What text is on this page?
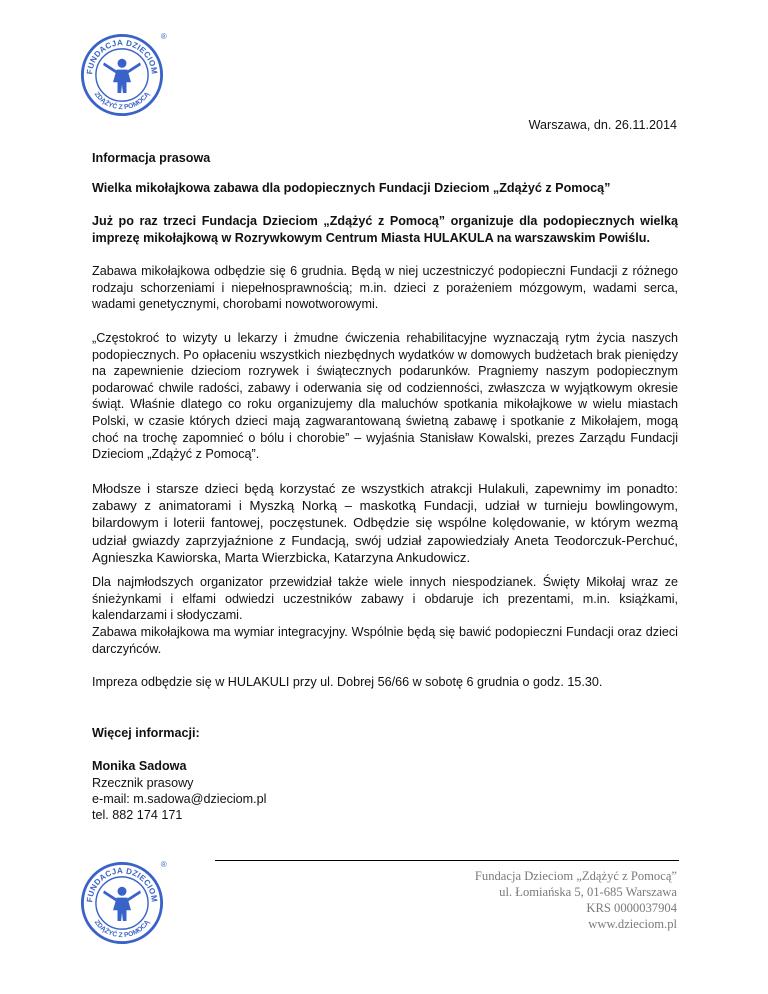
FUNDACJA DZIECIOM
ZDĄŻYĆ Z POMOCĄ
®
Warszawa, dn. 26.11.2014

Informacja prasowa

Wielka mikołajkowa zabawa dla podopiecznych Fundacji Dzieciom „Zdążyć z Pomocą”

Już po raz trzeci Fundacja Dzieciom „Zdążyć z Pomocą” organizuje dla podopiecznych wielką imprezę mikołajkową w Rozrywkowym Centrum Miasta HULAKULA na warszawskim Powiślu.

Zabawa mikołajkowa odbędzie się 6 grudnia. Będą w niej uczestniczyć podopieczni Fundacji z różnego rodzaju schorzeniami i niepełnosprawnością; m.in. dzieci z porażeniem mózgowym, wadami serca, wadami genetycznymi, chorobami nowotworowymi.

„Częstokroć to wizyty u lekarzy i żmudne ćwiczenia rehabilitacyjne wyznaczają rytm życia naszych podopiecznych. Po opłaceniu wszystkich niezbędnych wydatków w domowych budżetach brak pieniędzy na zapewnienie dzieciom rozrywek i świątecznych podarunków. Pragniemy naszym podopiecznym podarować chwile radości, zabawy i oderwania się od codzienności, zwłaszcza w wyjątkowym okresie świąt. Właśnie dlatego co roku organizujemy dla maluchów spotkania mikołajkowe w wielu miastach Polski, w czasie których dzieci mają zagwarantowaną świetną zabawę i spotkanie z Mikołajem, mogą choć na trochę zapomnieć o bólu i chorobie” – wyjaśnia Stanisław Kowalski, prezes Zarządu Fundacji Dzieciom „Zdążyć z Pomocą”.

Młodsze i starsze dzieci będą korzystać ze wszystkich atrakcji Hulakuli, zapewnimy im ponadto: zabawy z animatorami i Myszką Norką – maskotką Fundacji, udział w turnieju bowlingowym, bilardowym i loterii fantowej, poczęstunek. Odbędzie się wspólne kolędowanie, w którym wezmą udział gwiazdy zaprzyjaźnione z Fundacją, swój udział zapowiedziały Aneta Teodorczuk-Perchuć, Agnieszka Kawiorska, Marta Wierzbicka, Katarzyna Ankudowicz.

Dla najmłodszych organizator przewidział także wiele innych niespodzianek. Święty Mikołaj wraz ze śnieżynkami i elfami odwiedzi uczestników zabawy i obdaruje ich prezentami, m.in. książkami, kalendarzami i słodyczami.

Zabawa mikołajkowa ma wymiar integracyjny. Wspólnie będą się bawić podopieczni Fundacji oraz dzieci darczyńców.

Impreza odbędzie się w HULAKULI przy ul. Dobrej 56/66 w sobotę 6 grudnia o godz. 15.30.

Więcej informacji:

Monika Sadowa

Rzecznik prasowy

e-mail: m.sadowa@dzieciom.pl

tel. 882 174 171

FUNDACJA DZIECIOM
ZDĄŻYĆ Z POMOCĄ
®
Fundacja Dzieciom „Zdążyć z Pomocą”
ul. Łomiańska 5, 01-685 Warszawa
KRS 0000037904
www.dzieciom.pl
